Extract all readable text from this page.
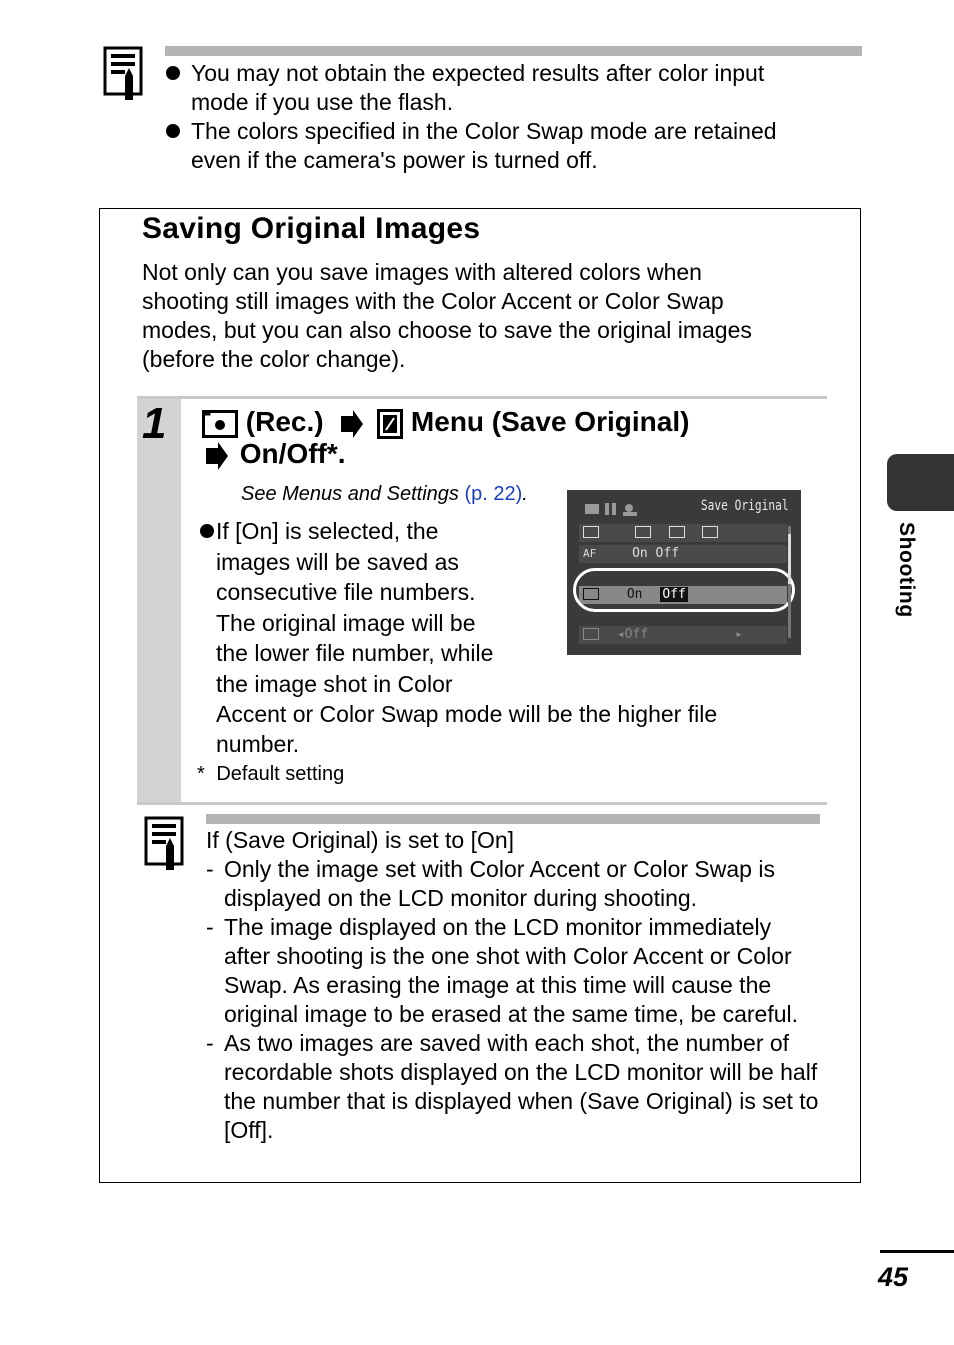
You may not obtain the expected results after color input
mode if you use the flash.
The colors specified in the Color Swap mode are retained
even if the camera's power is turned off.
Saving Original Images
Not only can you save images with altered colors when
shooting still images with the Color Accent or Color Swap
modes, but you can also choose to save the original images
(before the color change).
1	(Rec.)	Menu (Save Original)
On/Off*.
See Menus and Settings (p. 22).
If [On] is selected, the
images will be saved as
consecutive file numbers.
The original image will be
the lower file number, while
the image shot in Color
Accent or Color Swap mode will be the higher file
number.
* Default setting
Save Original

AF	On Off
On Off
◂Off	▸
If (Save Original) is set to [On]
- Only the image set with Color Accent or Color Swap is displayed on the LCD monitor during shooting.
- The image displayed on the LCD monitor immediately after shooting is the one shot with Color Accent or Color Swap. As erasing the image at this time will cause the original image to be erased at the same time, be careful.
- As two images are saved with each shot, the number of recordable shots displayed on the LCD monitor will be half the number that is displayed when (Save Original) is set to [Off].
Shooting
45
